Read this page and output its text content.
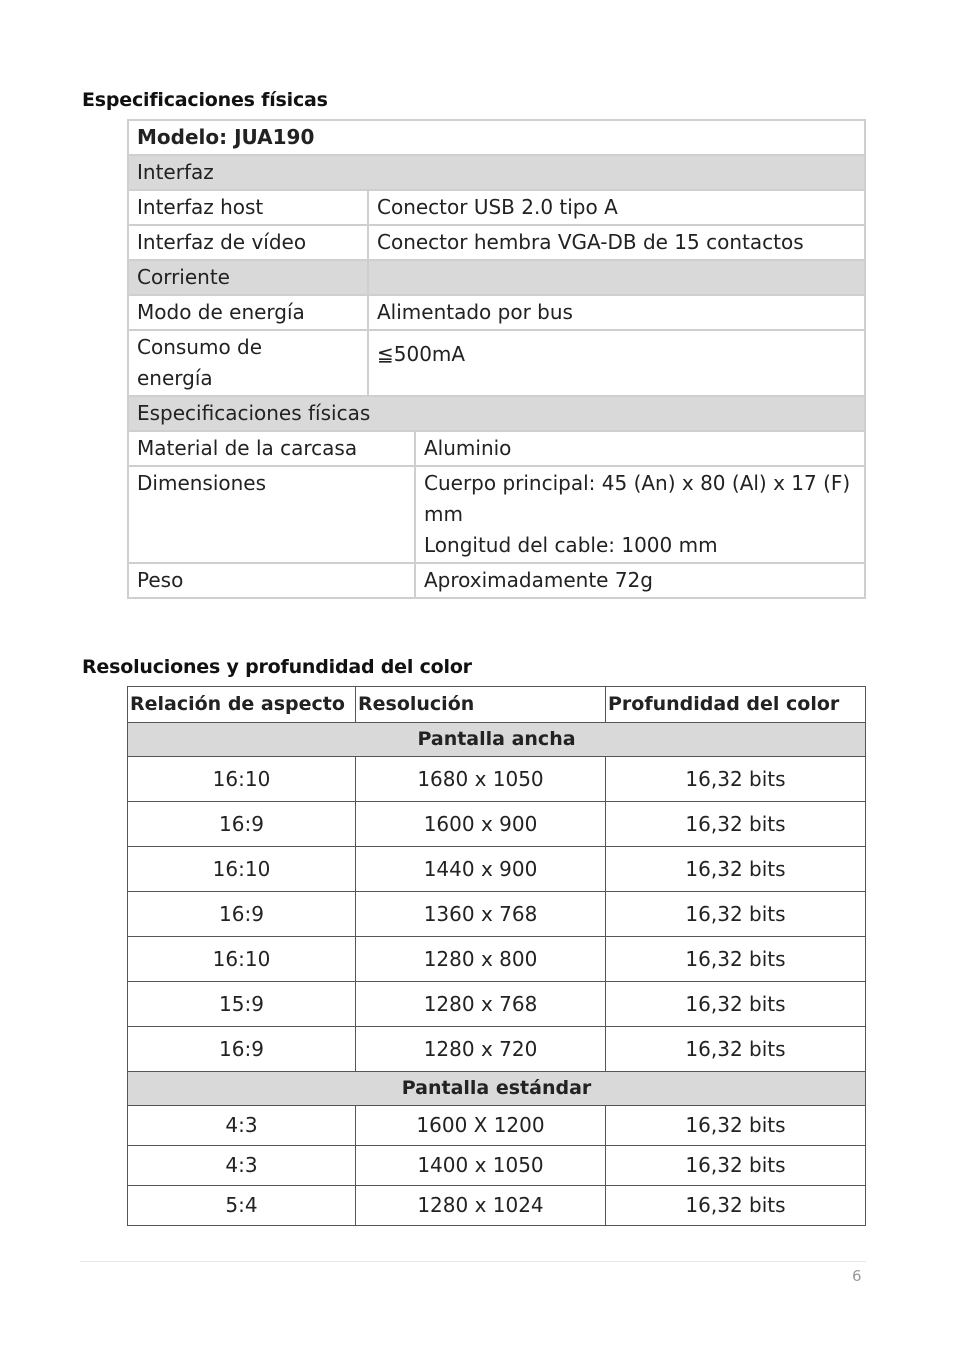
Especificaciones físicas
Modelo: JUA190		
Interfaz		
Interfaz host	Conector USB 2.0 tipo A	
Interfaz de vídeo	Conector hembra VGA-DB de 15 contactos	
Corriente		
Modo de energía	Alimentado por bus	
Consumo de energía	≦500mA	
Especificaciones físicas		
Material de la carcasa		Aluminio
Dimensiones		Cuerpo principal: 45 (An) x 80 (Al) x 17 (F) mm
Longitud del cable: 1000 mm

Peso		Aproximadamente 72g
Resoluciones y profundidad del color
Relación de aspecto	Resolución	Profundidad del color
Pantalla ancha		
16:10	1680 x 1050	16,32 bits
16:9	1600 x 900	16,32 bits
16:10	1440 x 900	16,32 bits
16:9	1360 x 768	16,32 bits
16:10	1280 x 800	16,32 bits
15:9	1280 x 768	16,32 bits
16:9	1280 x 720	16,32 bits
Pantalla estándar		
4:3	1600 X 1200	16,32 bits
4:3	1400 x 1050	16,32 bits
5:4	1280 x 1024	16,32 bits
6
